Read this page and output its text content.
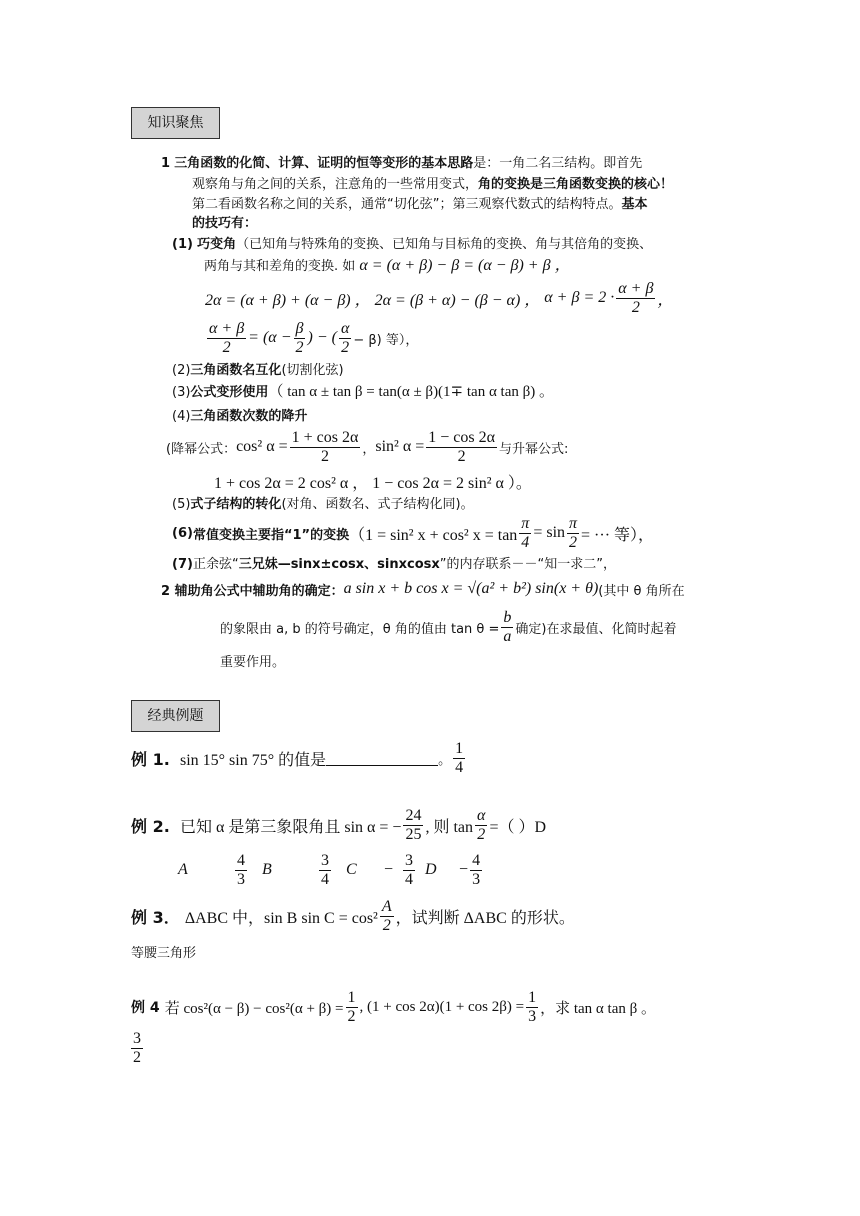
知识聚焦
1 三角函数的化简、计算、证明的恒等变形的基本思路是：一角二名三结构。即首先
观察角与角之间的关系，注意角的一些常用变式，角的变换是三角函数变换的核心！
第二看函数名称之间的关系，通常“切化弦”；第三观察代数式的结构特点。基本
的技巧有：
(1) 巧变角（已知角与特殊角的变换、已知角与目标角的变换、角与其倍角的变换、
两角与其和差角的变换. 如 α = (α + β) − β = (α − β) + β ，
2α = (α + β) + (α − β) ，
2α = (β + α) − (β − α) ，
$\alpha + \beta = 2 \cdot \frac{\alpha + \beta}{2}$ ，
$\frac{\alpha + \beta}{2} = (\alpha - \frac{\beta}{2}$ ) − ( $\frac{\alpha}{2} - \beta$) 等），
(2)三角函数名互化(切割化弦)
(3)公式变形使用（ tan α ± tan β = tan(α ± β)(1∓ tan α tan β) 。
(4)三角函数次数的降升
(降幂公式： cos² $\alpha = \frac{1 + \cos 2\alpha}{2}$ ， sin² $\alpha = \frac{1 - \cos 2\alpha}{2}$ 与升幂公式:
1 + cos 2α = 2 cos² α ， 1 − cos 2α = 2 sin² α ）。
(5)式子结构的转化(对角、函数名、式子结构化同)。
(6) 常值变换主要指“1”的变换 （1 = sin² x + cos² $x = \tan \frac{\pi}{4} = \sin \frac{\pi}{2}$ = ··· 等），
(7)正余弦“三兄妹—sinx±cosx、sinxcosx”的内存联系－－“知一求二”，
2 辅助角公式中辅助角的确定： a sin x + b cos x = √(a² + b²) sin(x + θ) (其中 θ 角所在
的象限由 a, b 的符号确定，θ 角的值由 $\tan \theta = \frac{b}{a}$ 确定)在求最值、化简时起着
重要作用。
经典例题
例 1.
sin 15° sin 75° 的值是	。 $\frac{1}{4}$
例 2.
已知 α 是第三象限角且 sin α = − $\frac{24}{25}$ , 则 $\tan \frac{\alpha}{2}$ =（ ）D
A	$\frac{4}{3}$ B	$\frac{3}{4}$ C	− $\frac{3}{4}$ D	− $\frac{4}{3}$
例 3．
ΔABC 中，sin B $\sin C = \cos^2 \frac{A}{2}$ ，试判断 ΔABC 的形状。
等腰三角形
例 4
若 $\cos^2(\alpha - \beta) - \cos^2(\alpha + \beta) = \frac{1}{2}$ , $(1 + \cos 2\alpha)(1 + \cos 2\beta) = \frac{1}{3}$ ，求 tan α tan β 。
$\frac{3}{2}$
